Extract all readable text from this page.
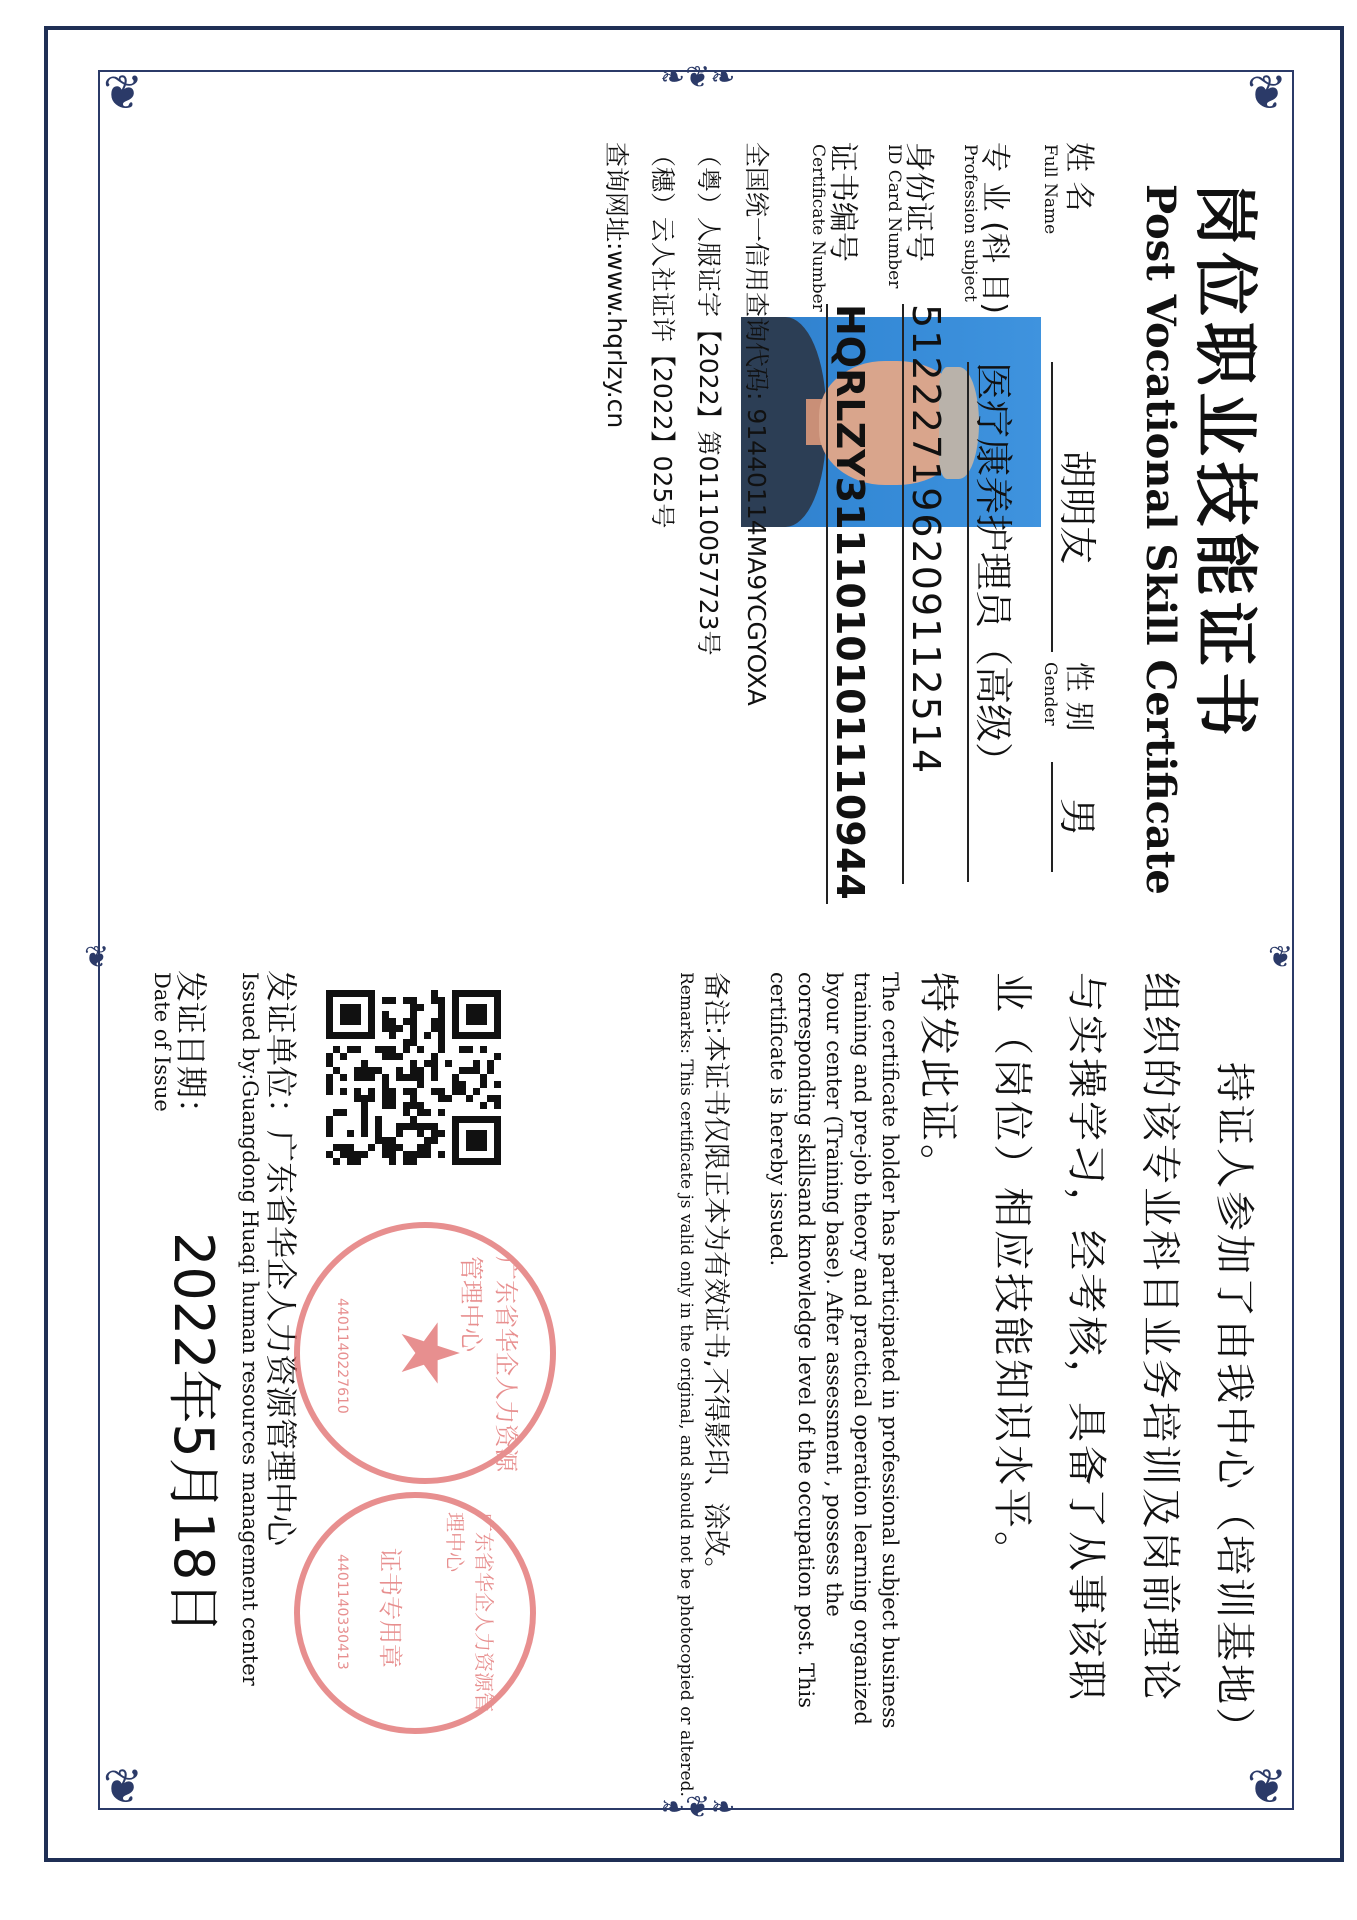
❦	❦
❦	❦
❧❦❧
❧❦❧
❦	❦
岗位职业技能证书
Post Vocational Skill Certificate
姓 名
Full Name
胡明友
性 别
Gender
男
专 业 (科 目)
Profession subject
医疗康养护理员（高级）
身份证号
ID Card Number
512227196209112514
证书编号
Certificate Number
HQRLZY3111010101110944
全国统一信用查询代码: 91440114MA9YCGYOXA
（粤）人服证字【2022】第01110057723号
（穗）云人社证许【2022】025号
查询网址:www.hqrlzy.cn
持证人参加了由我中心（培训基地）
组织的该专业科目业务培训及岗前理论
与实操学习，经考核，具备了从事该职
业（岗位）相应技能知识水平。
特发此证。
The certificate holder has participated in professional subject business
training and pre-job theory and practical operation learning organized
byour center (Training base). After assessment , possess the
corresponding skillsand knowledge level of the occupation post. This
certificate is hereby issued.
备注:本证书仅限正本为有效证书,不得影印、涂改。
Remarks: This certificate js valid only in the original, and should not be photocopied or altered.
发证单位：广东省华企人力资源管理中心
Issued by:Guangdong Huaqi human resources management center
发证日期：
Date of Issue
2022年5月18日 ★ 广东省华企人力资源管理中心
4401140227610
广东省华企人力资源管理中心
证书专用章
4401140330413
